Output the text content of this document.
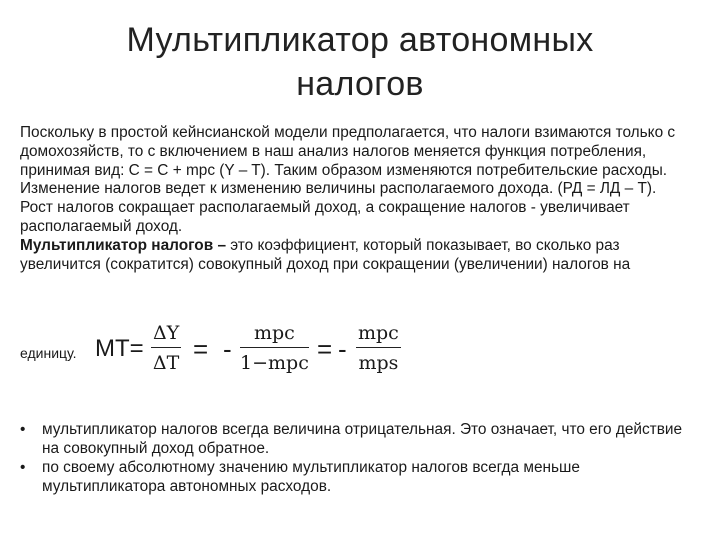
Мультипликатор автономных
налогов

Поскольку в простой кейнсианской модели предполагается, что налоги взимаются только с домохозяйств, то с включением в наш анализ налогов меняется функция потребления, принимая вид: С = С + mpc (Y – T). Таким образом изменяются потребительские расходы.

Изменение налогов ведет к изменению величины располагаемого дохода. (РД = ЛД – Т). Рост налогов сокращает располагаемый доход, а сокращение налогов - увеличивает располагаемый доход.

Мультипликатор налогов – это коэффициент, который показывает, во сколько раз увеличится (сократится) совокупный доход при сокращении (увеличении) налогов на

единицу. $МТ= \frac{\Delta Y}{\Delta T}$ = -
mpc
1−mpc = -
mpc
mps
• мультипликатор налогов всегда величина отрицательная. Это означает, что его действие на совокупный доход обратное.
• по своему абсолютному значению мультипликатор налогов всегда меньше мультипликатора автономных расходов.
